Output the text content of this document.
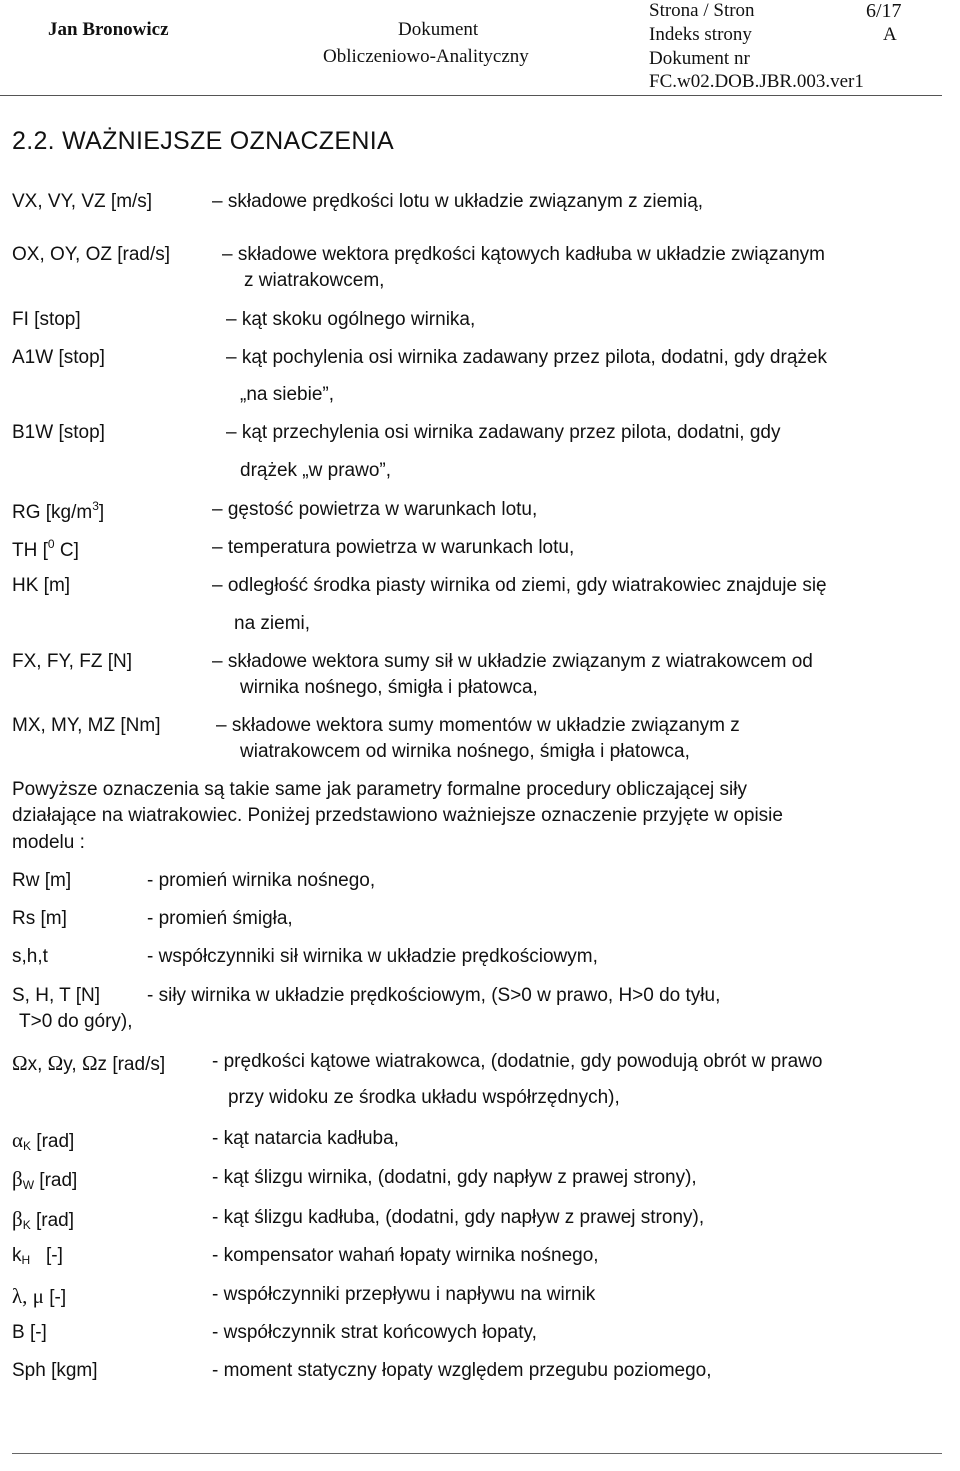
Jan Bronowicz	Dokument
Obliczeniowo-Analityczny
Strona / Stron	6/17
Indeks strony	A
Dokument nr
FC.w02.DOB.JBR.003.ver1
2.2. WAŻNIEJSZE OZNACZENIA
VX, VY, VZ [m/s]	– składowe prędkości lotu w układzie związanym z ziemią,
OX, OY, OZ [rad/s]	– składowe wektora prędkości kątowych kadłuba w układzie związanym
z wiatrakowcem,
FI [stop]	– kąt skoku ogólnego wirnika,
A1W [stop]	– kąt pochylenia osi wirnika zadawany przez pilota, dodatni, gdy drążek
„na siebie”,
B1W [stop]	– kąt przechylenia osi wirnika zadawany przez pilota, dodatni, gdy
drążek „w prawo”,
RG $[kg/m^3]$	– gęstość powietrza w warunkach lotu,
TH [$^0$ C]	– temperatura powietrza w warunkach lotu,
HK [m]	– odległość środka piasty wirnika od ziemi, gdy wiatrakowiec znajduje się
na ziemi,
FX, FY, FZ [N]	– składowe wektora sumy sił w układzie związanym z wiatrakowcem od
wirnika nośnego, śmigła i płatowca,
MX, MY, MZ [Nm]	– składowe wektora sumy momentów w układzie związanym z
wiatrakowcem od wirnika nośnego, śmigła i płatowca,
Powyższe oznaczenia są takie same jak parametry formalne procedury obliczającej siły
działające na wiatrakowiec. Poniżej przedstawiono ważniejsze oznaczenie przyjęte w opisie
modelu :
Rw [m]	- promień wirnika nośnego,
Rs [m]	- promień śmigła,
s,h,t	- współczynniki sił wirnika w układzie prędkościowym,
S, H, T [N] - siły wirnika w układzie prędkościowym, (S>0 w prawo, H>0 do tyłu,
T>0 do góry),
Ωx, Ωy, Ωz [rad/s] - prędkości kątowe wiatrakowca, (dodatnie, gdy powodują obrót w prawo
przy widoku ze środka układu współrzędnych),
$\alpha_K$ [rad]	- kąt natarcia kadłuba,
$\beta_W$ [rad]	- kąt ślizgu wirnika, (dodatni, gdy napływ z prawej strony),
$\beta_K$ [rad]	- kąt ślizgu kadłuba, (dodatni, gdy napływ z prawej strony),
$k_H$   [-]	- kompensator wahań łopaty wirnika nośnego,
λ, μ [-]	- współczynniki przepływu i napływu na wirnik
B [-]	- współczynnik strat końcowych łopaty,
Sph [kgm]	- moment statyczny łopaty względem przegubu poziomego,
